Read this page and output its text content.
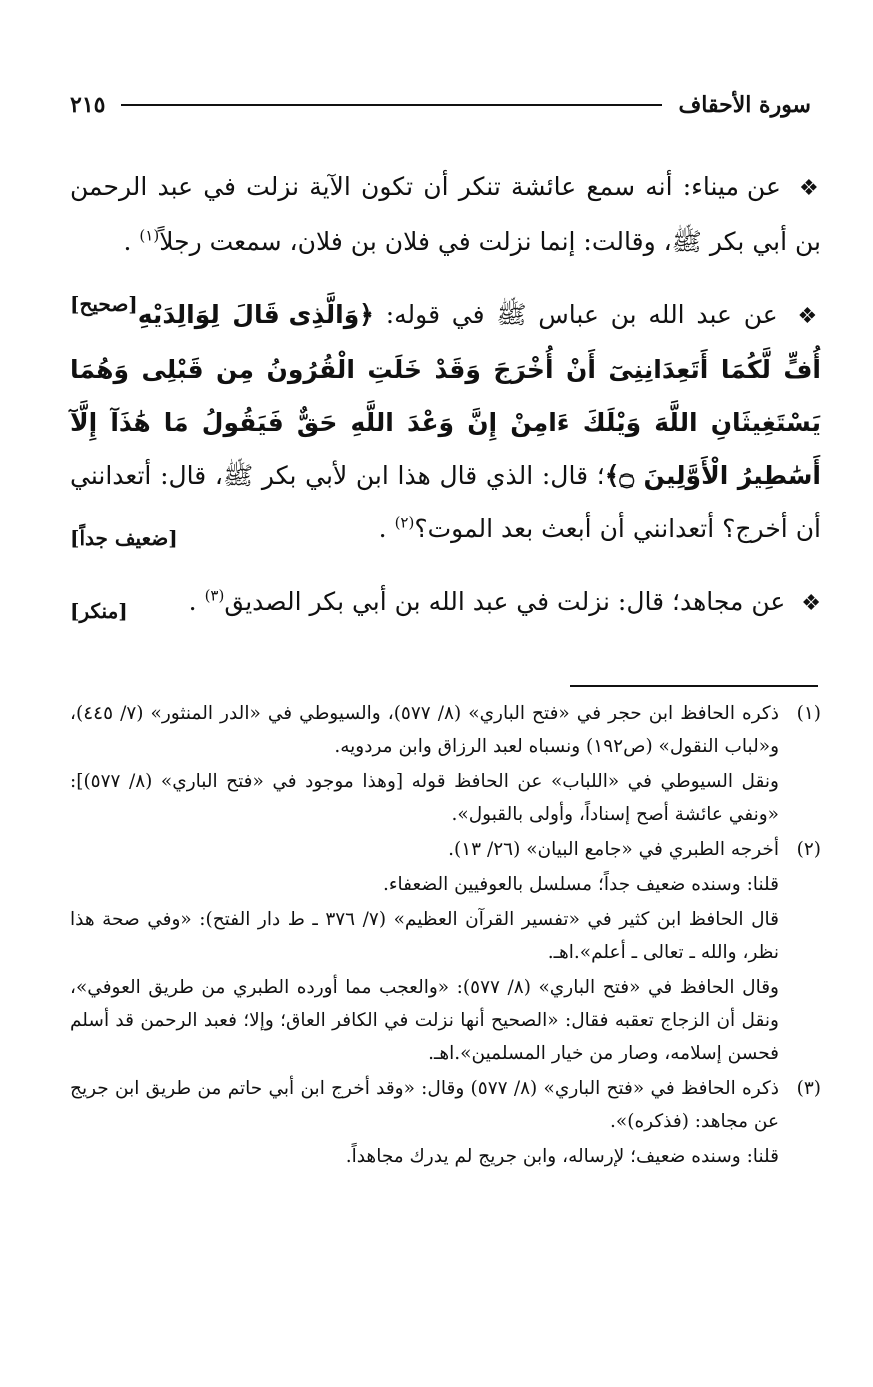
سورة الأحقاف
٢١٥

❖ عن ميناء: أنه سمع عائشة تنكر أن تكون الآية نزلت في عبد الرحمن بن أبي بكر ﷺ، وقالت: إنما نزلت في فلان بن فلان، سمعت رجلاً$^{(١)}$ .
[صحيح]	❖ عن عبد الله بن عباس ﷺ في قوله: ﴿وَالَّذِى قَالَ لِوَالِدَيْهِ أُفٍّ لَّكُمَا أَتَعِدَانِنِىٓ أَنْ أُخْرَجَ وَقَدْ خَلَتِ الْقُرُونُ مِن قَبْلِى وَهُمَا يَسْتَغِيثَانِ اللَّهَ وَيْلَكَ ءَامِنْ إِنَّ وَعْدَ اللَّهِ حَقٌّ فَيَقُولُ مَا هَٰذَآ إِلَّآ أَسَٰطِيرُ الْأَوَّلِينَ ۝﴾؛ قال: الذي قال هذا ابن لأبي بكر ﷺ، قال: أتعدانني أن أخرج؟ أتعدانني أن أبعث بعد الموت؟$^{(٢)}$ .
[ضعيف جداً]

❖ عن مجاهد؛ قال: نزلت في عبد الله بن أبي بكر الصديق$^{(٣)}$ .
[منكر]

(١)

ذكره الحافظ ابن حجر في «فتح الباري» (٨/ ٥٧٧)، والسيوطي في «الدر المنثور» (٧/ ٤٤٥)، و«لباب النقول» (ص١٩٢) ونسباه لعبد الرزاق وابن مردويه.

ونقل السيوطي في «اللباب» عن الحافظ قوله [وهذا موجود في «فتح الباري» (٨/ ٥٧٧)]: «ونفي عائشة أصح إسناداً، وأولى بالقبول».

(٢)

أخرجه الطبري في «جامع البيان» (٢٦/ ١٣).

قلنا: وسنده ضعيف جداً؛ مسلسل بالعوفيين الضعفاء.

قال الحافظ ابن كثير في «تفسير القرآن العظيم» (٧/ ٣٧٦ ـ ط دار الفتح): «وفي صحة هذا نظر، والله ـ تعالى ـ أعلم».اهـ.

وقال الحافظ في «فتح الباري» (٨/ ٥٧٧): «والعجب مما أورده الطبري من طريق العوفي»، ونقل أن الزجاج تعقبه فقال: «الصحيح أنها نزلت في الكافر العاق؛ وإلا؛ فعبد الرحمن قد أسلم فحسن إسلامه، وصار من خيار المسلمين».اهـ.

(٣)

ذكره الحافظ في «فتح الباري» (٨/ ٥٧٧) وقال: «وقد أخرج ابن أبي حاتم من طريق ابن جريج عن مجاهد: (فذكره)».

قلنا: وسنده ضعيف؛ لإرساله، وابن جريج لم يدرك مجاهداً.
